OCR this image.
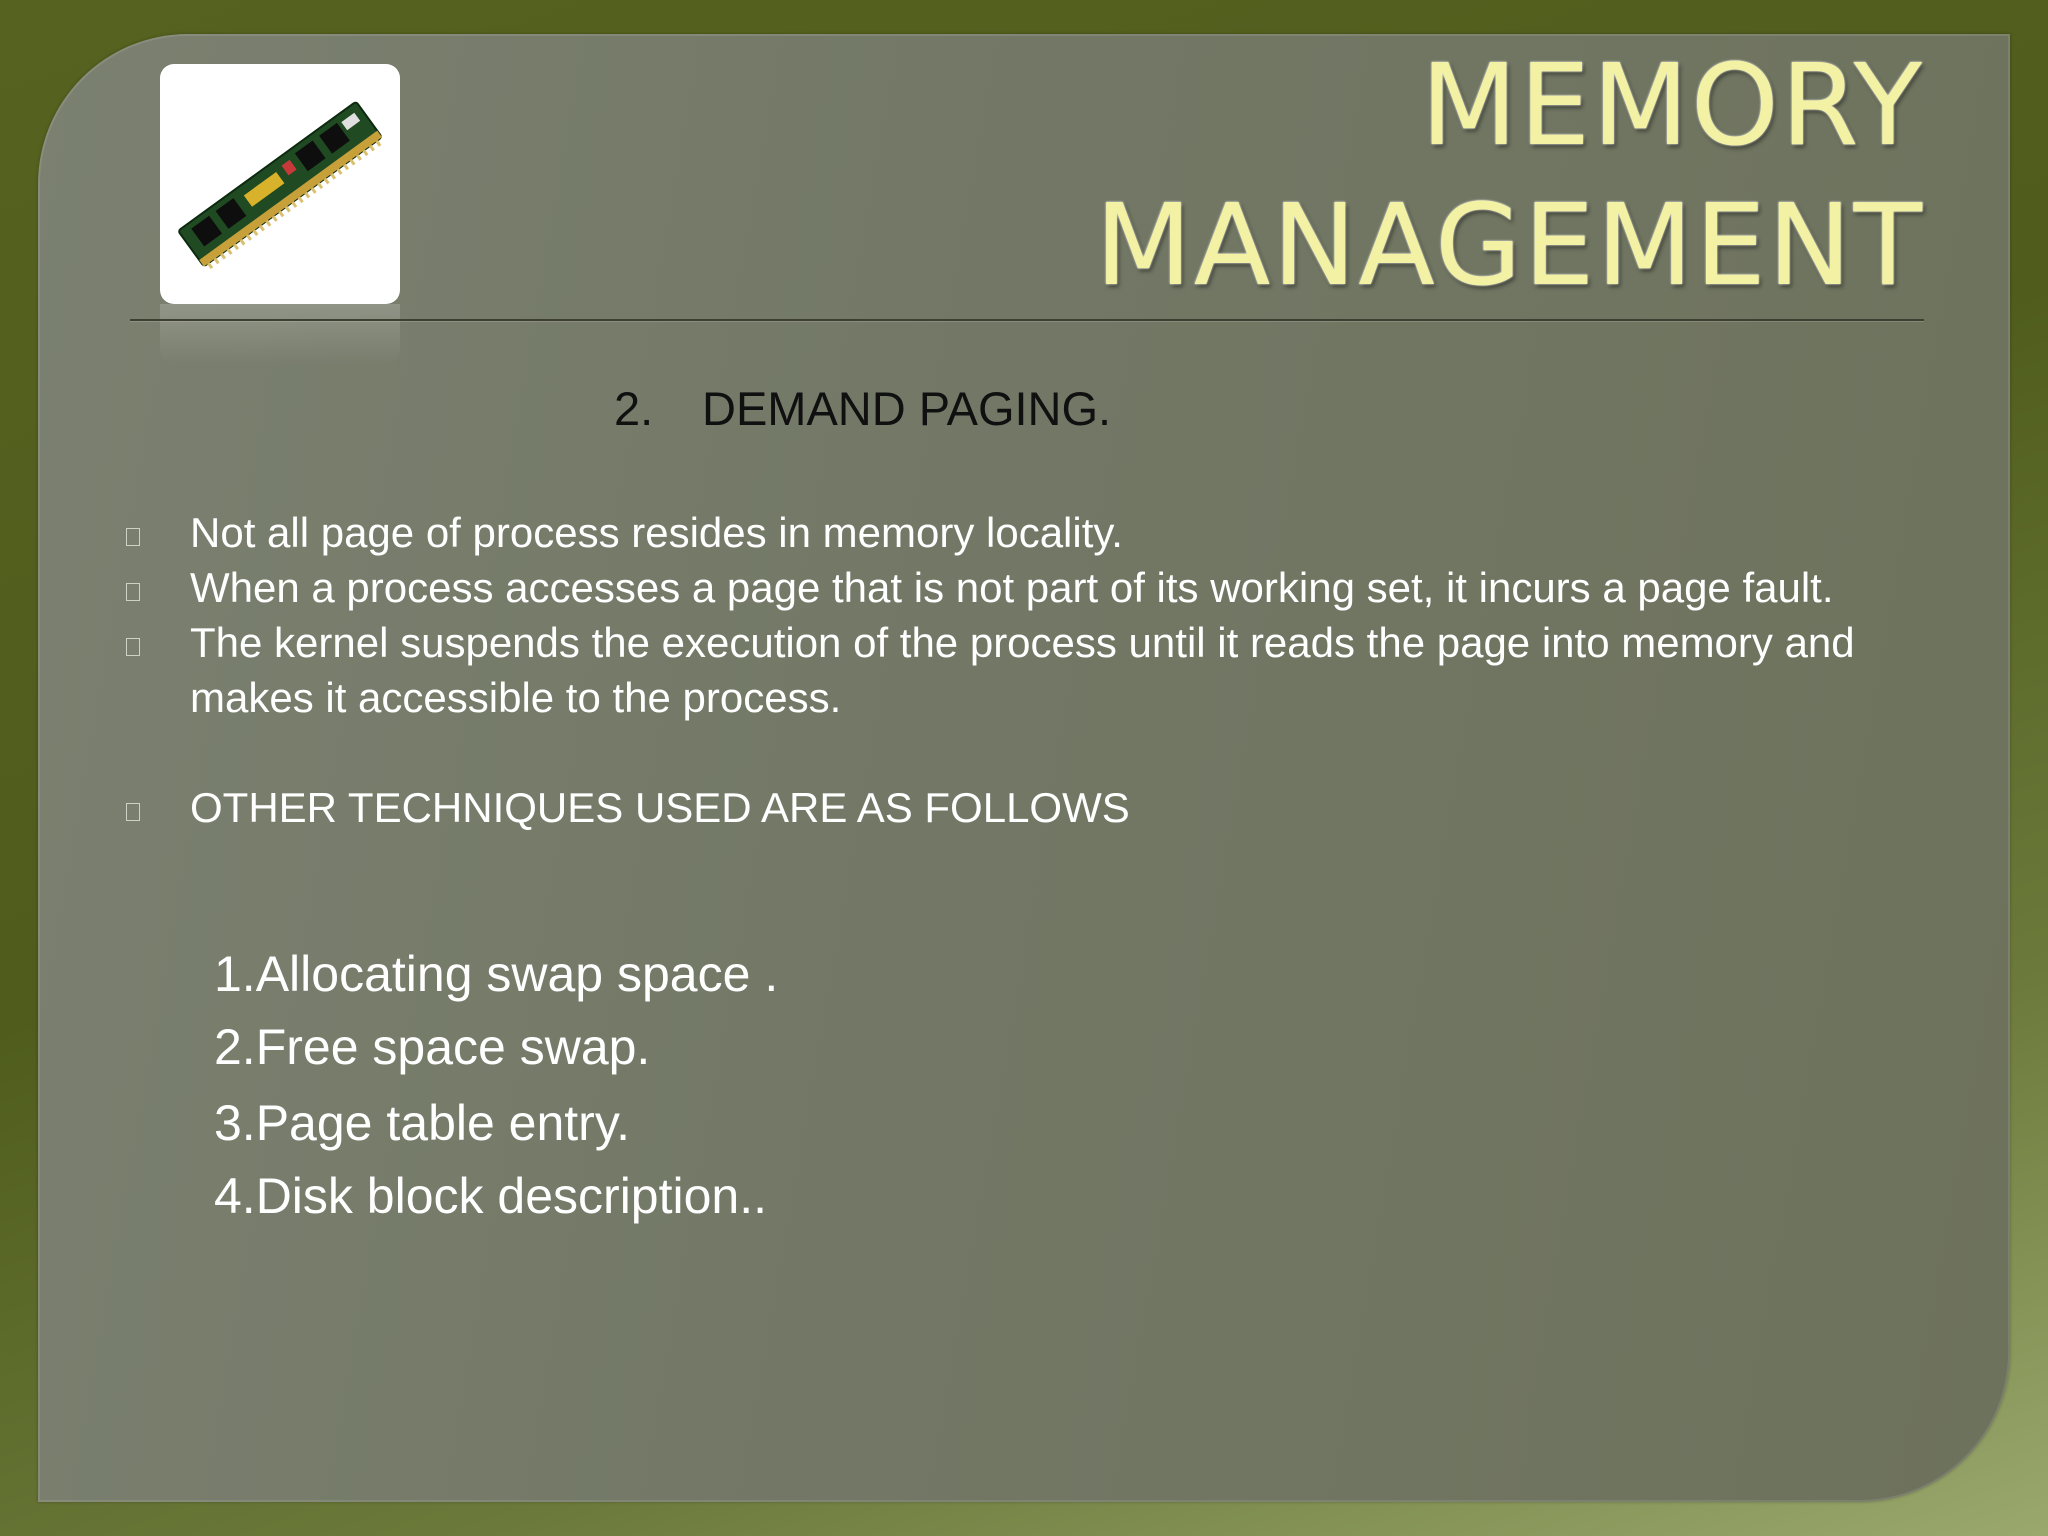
MEMORY
MANAGEMENT
2. DEMAND PAGING.
Not all page of process resides in memory locality.
When a process accesses a page that is not part of its working set, it incurs a page fault.
The kernel suspends the execution of the process until it reads the page into memory and makes it accessible to the process.
OTHER TECHNIQUES USED ARE AS FOLLOWS
1.Allocating swap space .
2.Free space swap.
3.Page table entry.
4.Disk block description..
